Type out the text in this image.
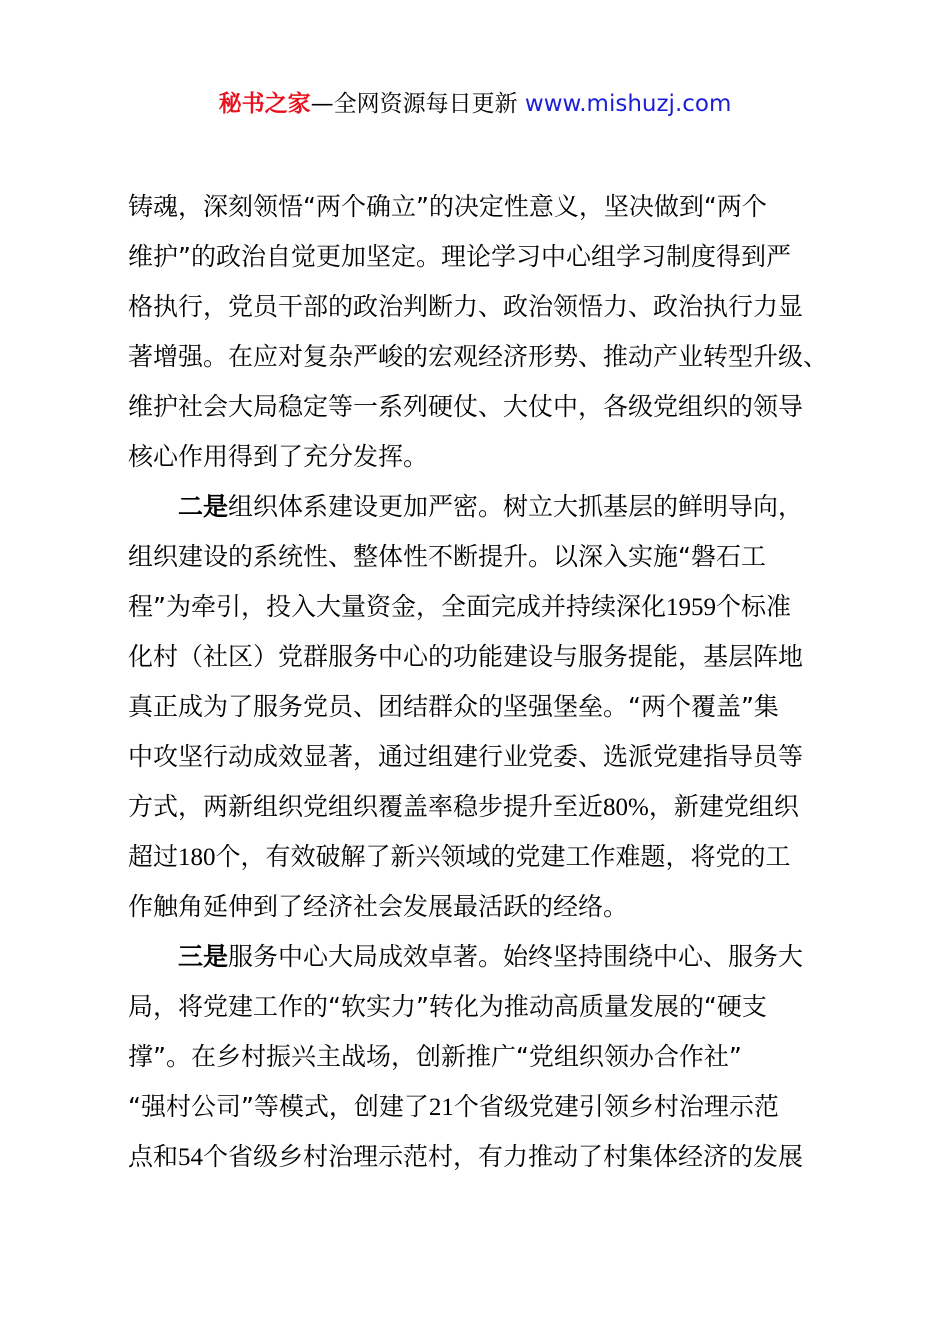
秘书之家—全网资源每日更新 www.mishuzj.com
铸魂，深刻领悟“两个确立”的决定性意义，坚决做到“两个
维护”的政治自觉更加坚定。理论学习中心组学习制度得到严
格执行，党员干部的政治判断力、政治领悟力、政治执行力显
著增强。在应对复杂严峻的宏观经济形势、推动产业转型升级、
维护社会大局稳定等一系列硬仗、大仗中，各级党组织的领导
核心作用得到了充分发挥。
二是组织体系建设更加严密。树立大抓基层的鲜明导向，
组织建设的系统性、整体性不断提升。以深入实施“磐石工
程”为牵引，投入大量资金，全面完成并持续深化1959个标准
化村（社区）党群服务中心的功能建设与服务提能，基层阵地
真正成为了服务党员、团结群众的坚强堡垒。“两个覆盖”集
中攻坚行动成效显著，通过组建行业党委、选派党建指导员等
方式，两新组织党组织覆盖率稳步提升至近80%，新建党组织
超过180个，有效破解了新兴领域的党建工作难题，将党的工
作触角延伸到了经济社会发展最活跃的经络。
三是服务中心大局成效卓著。始终坚持围绕中心、服务大
局，将党建工作的“软实力”转化为推动高质量发展的“硬支
撑”。在乡村振兴主战场，创新推广“党组织领办合作社”
“强村公司”等模式，创建了21个省级党建引领乡村治理示范
点和54个省级乡村治理示范村，有力推动了村集体经济的发展
